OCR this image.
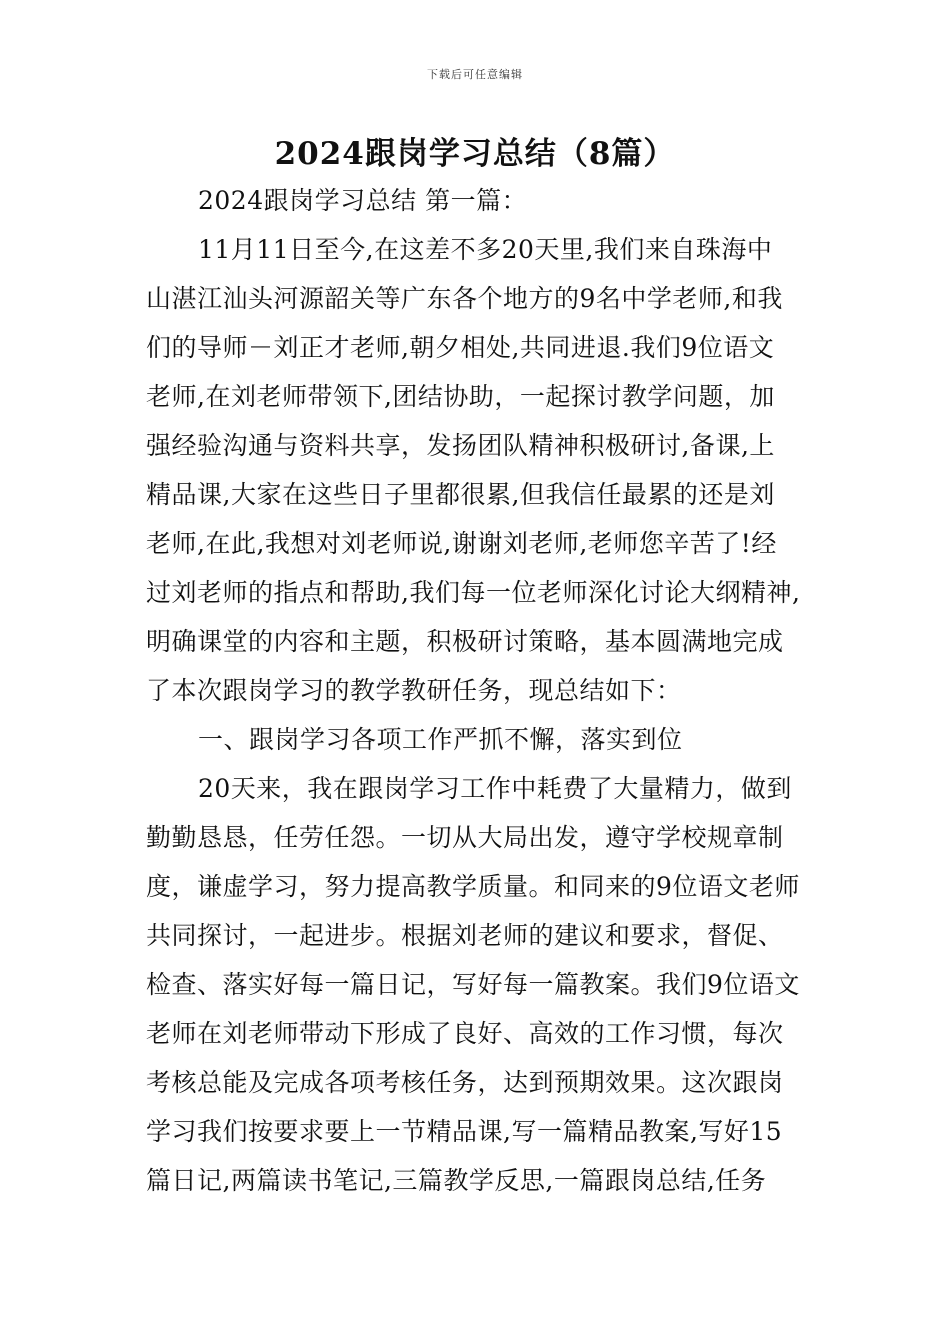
下载后可任意编辑
2024跟岗学习总结（8篇）
2024跟岗学习总结 第一篇：
11月11日至今,在这差不多20天里,我们来自珠海中
山湛江汕头河源韶关等广东各个地方的9名中学老师,和我
们的导师－刘正才老师,朝夕相处,共同进退.我们9位语文
老师,在刘老师带领下,团结协助，一起探讨教学问题，加
强经验沟通与资料共享，发扬团队精神积极研讨,备课,上
精品课,大家在这些日子里都很累,但我信任最累的还是刘
老师,在此,我想对刘老师说,谢谢刘老师,老师您辛苦了!经
过刘老师的指点和帮助,我们每一位老师深化讨论大纲精神,
明确课堂的内容和主题，积极研讨策略，基本圆满地完成
了本次跟岗学习的教学教研任务，现总结如下：
一、跟岗学习各项工作严抓不懈，落实到位
20天来，我在跟岗学习工作中耗费了大量精力，做到
勤勤恳恳，任劳任怨。一切从大局出发，遵守学校规章制
度，谦虚学习，努力提高教学质量。和同来的9位语文老师
共同探讨，一起进步。根据刘老师的建议和要求，督促、
检查、落实好每一篇日记，写好每一篇教案。我们9位语文
老师在刘老师带动下形成了良好、高效的工作习惯，每次
考核总能及完成各项考核任务，达到预期效果。这次跟岗
学习我们按要求要上一节精品课,写一篇精品教案,写好15
篇日记,两篇读书笔记,三篇教学反思,一篇跟岗总结,任务
